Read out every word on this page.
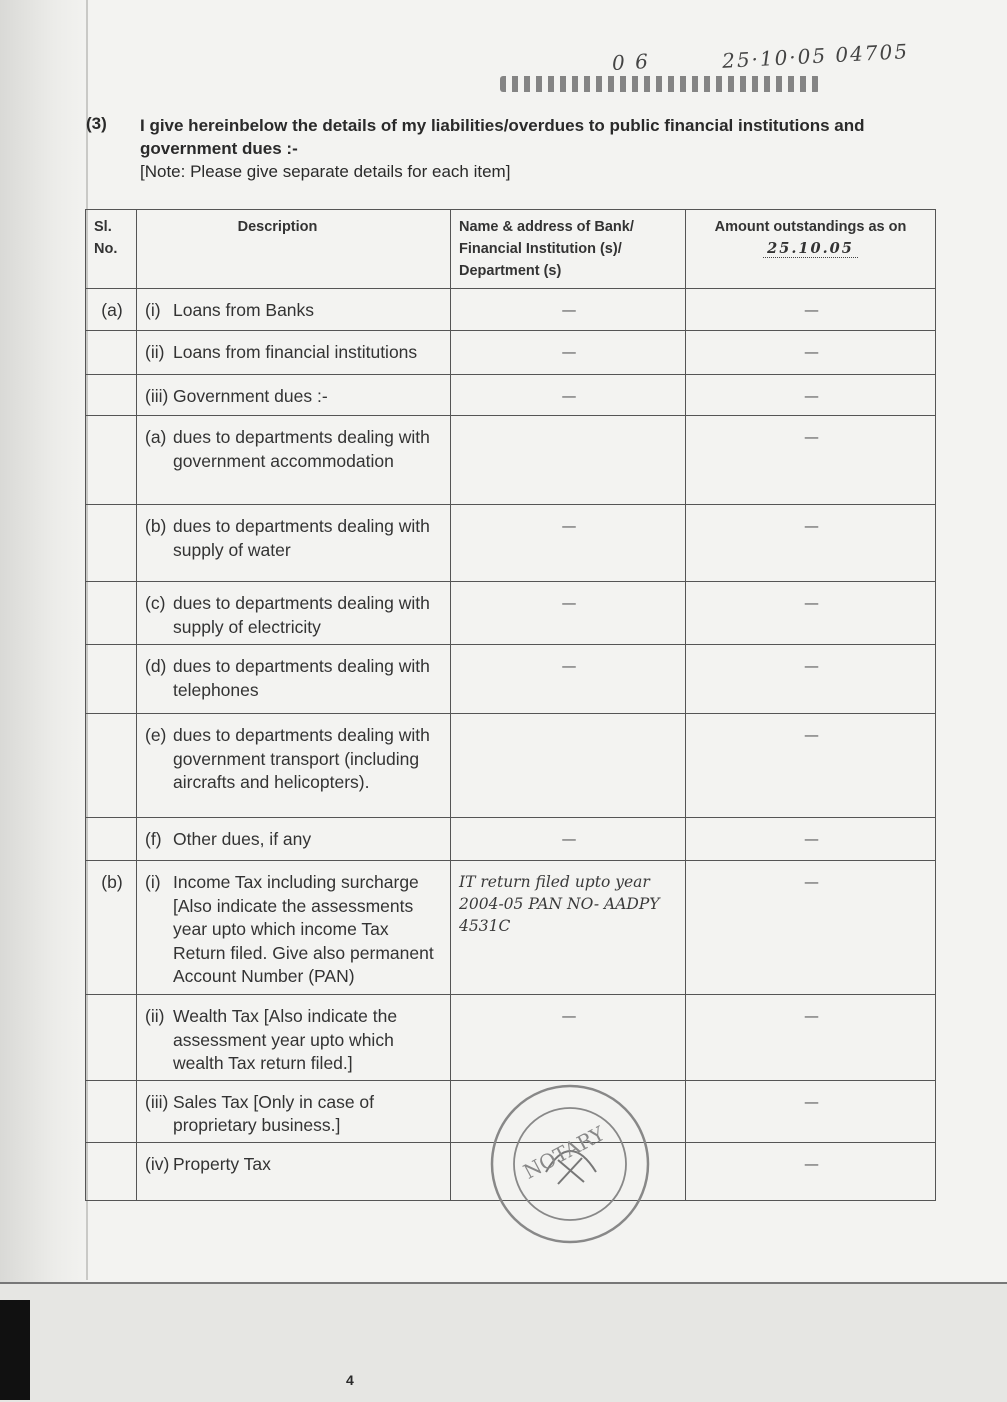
0 6	25·10·05 04705
(3) I give hereinbelow the details of my liabilities/overdues to public financial institutions and government dues :-
[Note: Please give separate details for each item]
Sl. No.	Description	Name & address of Bank/ Financial Institution (s)/ Department (s)	Amount outstandings as on 25.10.05
(a)	(i) Loans from Banks	—	—

	(ii) Loans from financial institutions	—	—

	(iii) Government dues :-	—	—

	(a) dues to departments dealing with government accommodation		—

	(b) dues to departments dealing with supply of water	—	—

	(c) dues to departments dealing with supply of electricity	—	—

	(d) dues to departments dealing with telephones	—	—

	(e) dues to departments dealing with government transport (including aircrafts and helicopters).		—

	(f) Other dues, if any	—	—

(b)	(i) Income Tax including surcharge [Also indicate the assessments year upto which income Tax Return filed. Give also permanent Account Number (PAN)	IT return filed upto year 2004-05 PAN NO- AADPY 4531C	—

	(ii) Wealth Tax [Also indicate the assessment year upto which wealth Tax return filed.]	—	—

	(iii) Sales Tax [Only in case of proprietary business.]		—

	(iv) Property Tax		—
NOTARY
4
